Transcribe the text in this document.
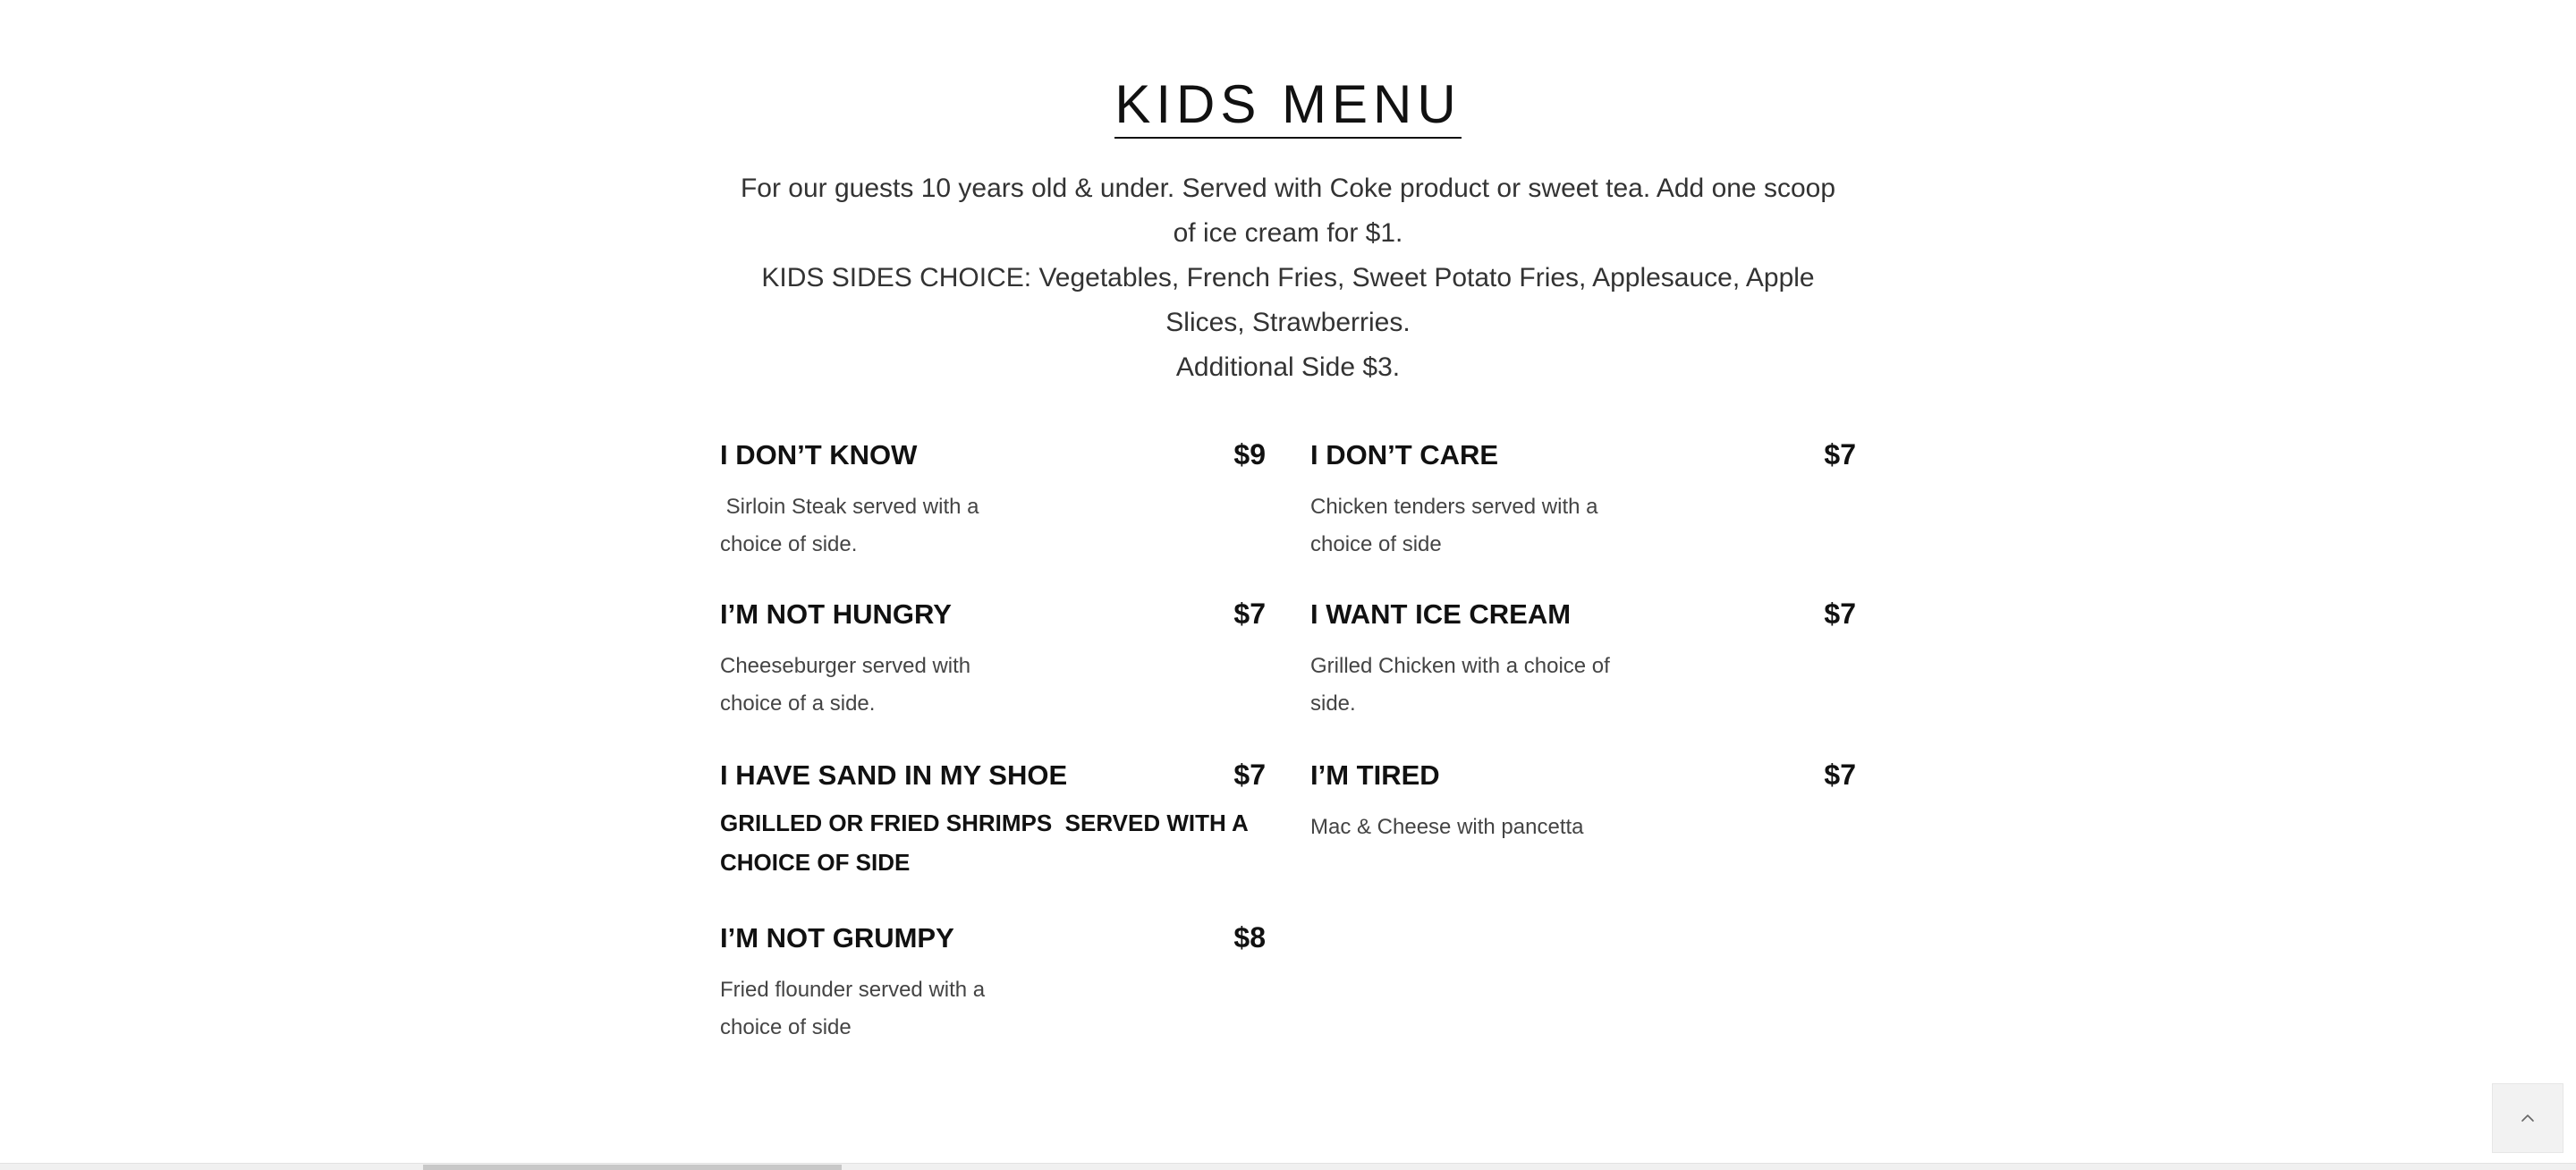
KIDS MENU

For our guests 10 years old & under. Served with Coke product or sweet tea. Add one scoop of ice cream for $1.

KIDS SIDES CHOICE: Vegetables, French Fries, Sweet Potato Fries, Applesauce, Apple Slices, Strawberries.

Additional Side $3.

I DON’T KNOW	$9
Sirloin Steak served with a choice of side.
I’M NOT HUNGRY	$7
Cheeseburger served with choice of a side.
I HAVE SAND IN MY SHOE	$7
GRILLED OR FRIED SHRIMPS  SERVED WITH A CHOICE OF SIDE
I’M NOT GRUMPY	$8
Fried flounder served with a choice of side
I DON’T CARE	$7
Chicken tenders served with a choice of side
I WANT ICE CREAM	$7
Grilled Chicken with a choice of side.
I’M TIRED	$7
Mac & Cheese with pancetta
